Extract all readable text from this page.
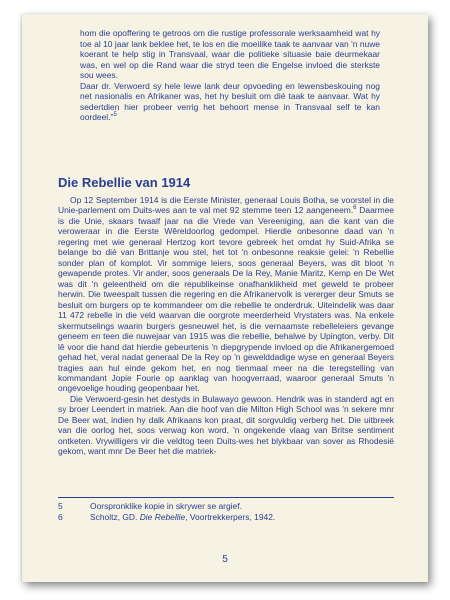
hom die opoffering te getroos om die rustige professorale werksaamheid wat hy toe al 10 jaar lank beklee het, te los en die moeilike taak te aanvaar van 'n nuwe koerant te help stig in Transvaal, waar die politieke situasie baie deurmekaar was, en wel op die Rand waar die stryd teen die Engelse invloed die sterkste sou wees.

Daar dr. Verwoerd sy hele lewe lank deur opvoeding en lewensbeskouing nog net nasionalis en Afrikaner was, het hy besluit om dié taak te aanvaar. Wat hy sedertdien hier probeer verrig het behoort mense in Transvaal self te kan oordeel."$^5$

Die Rebellie van 1914

Op 12 September 1914 is die Eerste Minister, generaal Louis Botha, se voorstel in die Unie-parlement om Duits-wes aan te val met 92 stemme teen 12 aangeneem.$^6$ Daarmee is die Unie, skaars twaalf jaar na die Vrede van Vereeniging, aan die kant van die veroweraar in die Eerste Wêreldoorlog gedompel. Hierdie onbesonne daad van 'n regering met wie generaal Hertzog kort tevore gebreek het omdat hy Suid-Afrika se belange bo dié van Brittanje wou stel, het tot 'n onbesonne reaksie gelei: 'n Rebellie sonder plan of komplot. Vir sommige leiers, soos generaal Beyers, was dit bloot 'n gewapende protes. Vir ander, soos generaals De la Rey, Manie Maritz, Kemp en De Wet was dit 'n geleentheid om die republikeinse onafhanklikheid met geweld te probeer herwin. Die tweespalt tussen die regering en die Afrikanervolk is vererger deur Smuts se besluit om burgers op te kommandeer om die rebellie te onderdruk. Uiteindelik was daar 11 472 rebelle in die veld waarvan die oorgrote meerderheid Vrystaters was. Na enkele skermutselings waarin burgers gesneuwel het, is die vernaamste rebelleleiers gevange geneem en teen die nuwejaar van 1915 was die rebellie, behalwe by Upington, verby. Dit lê voor die hand dat hierdie gebeurtenis 'n diepgrypende invloed op die Afrikanergemoed gehad het, veral nadat generaal De la Rey op 'n gewelddadige wyse en generaal Beyers tragies aan hul einde gekom het, en nog tienmaal meer na die teregstelling van kommandant Jopie Fourie op aanklag van hoogverraad, waaroor generaal Smuts 'n ongevoelige houding geopenbaar het.

Die Verwoerd-gesin het destyds in Bulawayo gewoon. Hendrik was in standerd agt en sy broer Leendert in matriek. Aan die hoof van die Milton High School was 'n sekere mnr De Beer wat, indien hy dalk Afrikaans kon praat, dit sorgvuldig verberg het. Die uitbreek van die oorlog het, soos verwag kon word, 'n ongekende vlaag van Britse sentiment ontketen. Vrywilligers vir die veldtog teen Duits-wes het blykbaar van sover as Rhodesië gekom, want mnr De Beer het die matriek-

5	Oorspronklike kopie in skrywer se argief.
6	Scholtz, GD. Die Rebellie, Voortrekkerpers, 1942.
5
